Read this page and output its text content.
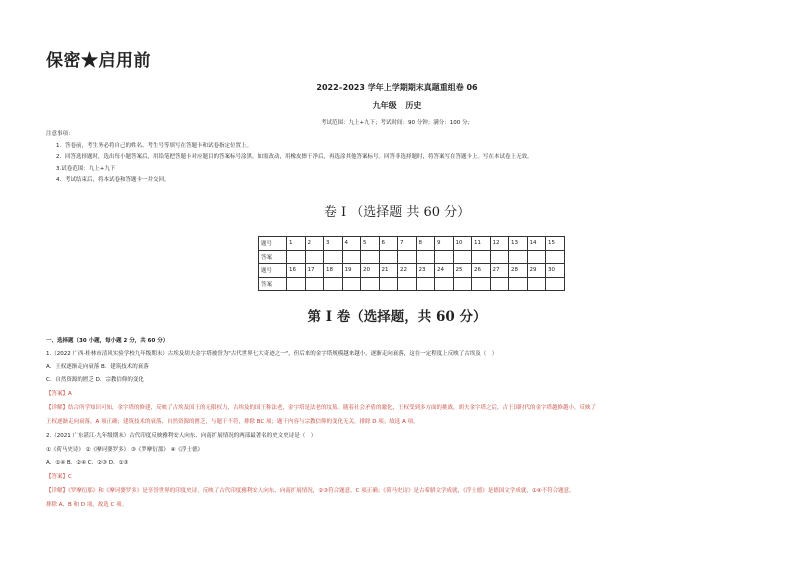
保密★启用前
2022–2023 学年上学期期末真题重组卷 06
九年级 历史
考试范围：九上+九下；考试时间：90 分钟；满分：100 分；
注意事项：
1．答卷前，考生务必将自己的姓名、考生号等填写在答题卡和试卷指定位置上。
2．回答选择题时，选出每小题答案后，用铅笔把答题卡对应题目的答案标号涂黑。如需改动，用橡皮擦干净后，再选涂其他答案标号。回答非选择题时，将答案写在答题卡上。写在本试卷上无效。
3.试卷范围：九上+九下
4．考试结束后，将本试卷和答题卡一并交回。
卷 I （选择题 共 60 分）
题号	1	2	3	4	5	6	7	8	9	10	11	12	13	14	15
答案															
题号	16	17	18	19	20	21	22	23	24	25	26	27	28	29	30
答案															
第 I 卷（选择题，共 60 分）
一、选择题（30 小题，每小题 2 分，共 60 分）
1.（2022 广西·桂林市清风实验学校九年级期末）古埃及胡夫金字塔被誉为"古代世界七大奇迹之一"，但后来的金字塔规模越来越小，逐渐走向衰落，这在一定程度上反映了古埃及（　）
A．王权逐渐走向衰落 B．建筑技术的衰落
C．自然资源的匮乏 D．宗教信仰的变化
【答案】A
【详解】结合所学知识可知，金字塔的修建，反映了古埃及国王的无限权力，古埃及的国王称法老，金字塔是法老的坟墓。随着社会矛盾的激化，王权受到多方面的挑战，胡夫金字塔之后，古王国时代的金字塔越修越小，反映了
王权逐渐走向衰落，A 项正确；建筑技术的衰落、自然资源的匮乏，与题干不符，排除 BC 项；题干内容与宗教信仰的变化无关，排除 D 项；故选 A 项。
2.（2021 广东湛江·九年级期末）古代印度反映雅利安人向东、向南扩展情况的两部最著名的史文史诗是（　）
①《荷马史诗》 ②《摩诃婆罗多》 ③《罗摩衍那》 ④《浮士德》
A．①④ B．②④ C．②③ D．①③
【答案】C
【详解】《罗摩衍那》和《摩诃婆罗多》是享誉世界的印度史诗，反映了古代印度雅利安人向东、向南扩展情况，②③符合题意，C 项正确；《荷马史诗》是古希腊文学成就，《浮士德》是德国文学成就，①④不符合题意，
排除 A、B 和 D 项，故选 C 项。
